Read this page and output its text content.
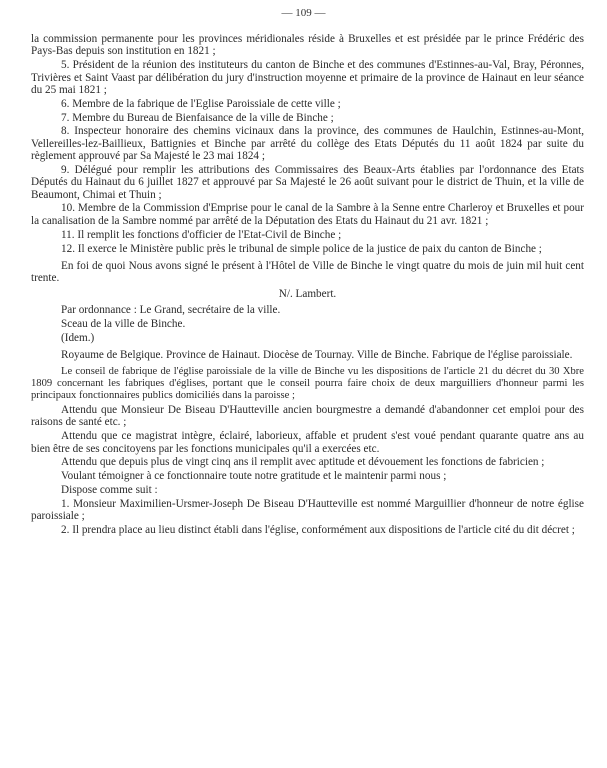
— 109 —

la commission permanente pour les provinces méridionales réside à Bruxelles et est présidée par le prince Frédéric des Pays-Bas depuis son institution en 1821 ;

5. Président de la réunion des instituteurs du canton de Binche et des communes d'Estinnes-au-Val, Bray, Péronnes, Trivières et Saint Vaast par délibération du jury d'instruction moyenne et primaire de la province de Hainaut en leur séance du 25 mai 1821 ;

6. Membre de la fabrique de l'Eglise Paroissiale de cette ville ;

7. Membre du Bureau de Bienfaisance de la ville de Binche ;

8. Inspecteur honoraire des chemins vicinaux dans la province, des communes de Haulchin, Estinnes-au-Mont, Vellereilles-lez-Baillieux, Battignies et Binche par arrêté du collège des Etats Députés du 11 août 1824 par suite du règlement approuvé par Sa Majesté le 23 mai 1824 ;

9. Délégué pour remplir les attributions des Commissaires des Beaux-Arts établies par l'ordonnance des Etats Députés du Hainaut du 6 juillet 1827 et approuvé par Sa Majesté le 26 août suivant pour le district de Thuin, et la ville de Beaumont, Chimai et Thuin ;

10. Membre de la Commission d'Emprise pour le canal de la Sambre à la Senne entre Charleroy et Bruxelles et pour la canalisation de la Sambre nommé par arrêté de la Députation des Etats du Hainaut du 21 avr. 1821 ;

11. Il remplit les fonctions d'officier de l'Etat-Civil de Binche ;

12. Il exerce le Ministère public près le tribunal de simple police de la justice de paix du canton de Binche ;

En foi de quoi Nous avons signé le présent à l'Hôtel de Ville de Binche le vingt quatre du mois de juin mil huit cent trente.

N/. Lambert.

Par ordonnance : Le Grand, secrétaire de la ville.

Sceau de la ville de Binche.

(Idem.)

Royaume de Belgique. Province de Hainaut. Diocèse de Tournay. Ville de Binche. Fabrique de l'église paroissiale.

Le conseil de fabrique de l'église paroissiale de la ville de Binche vu les dispositions de l'article 21 du décret du 30 Xbre 1809 concernant les fabriques d'églises, portant que le conseil pourra faire choix de deux marguilliers d'honneur parmi les principaux fonctionnaires publics domiciliés dans la paroisse ;

Attendu que Monsieur De Biseau D'Hautteville ancien bourgmestre a demandé d'abandonner cet emploi pour des raisons de santé etc. ;

Attendu que ce magistrat intègre, éclairé, laborieux, affable et prudent s'est voué pendant quarante quatre ans au bien être de ses concitoyens par les fonctions municipales qu'il a exercées etc.

Attendu que depuis plus de vingt cinq ans il remplit avec aptitude et dévouement les fonctions de fabricien ;

Voulant témoigner à ce fonctionnaire toute notre gratitude et le maintenir parmi nous ;

Dispose comme suit :

1. Monsieur Maximilien-Ursmer-Joseph De Biseau D'Hautteville est nommé Marguillier d'honneur de notre église paroissiale ;

2. Il prendra place au lieu distinct établi dans l'église, conformément aux dispositions de l'article cité du dit décret ;
